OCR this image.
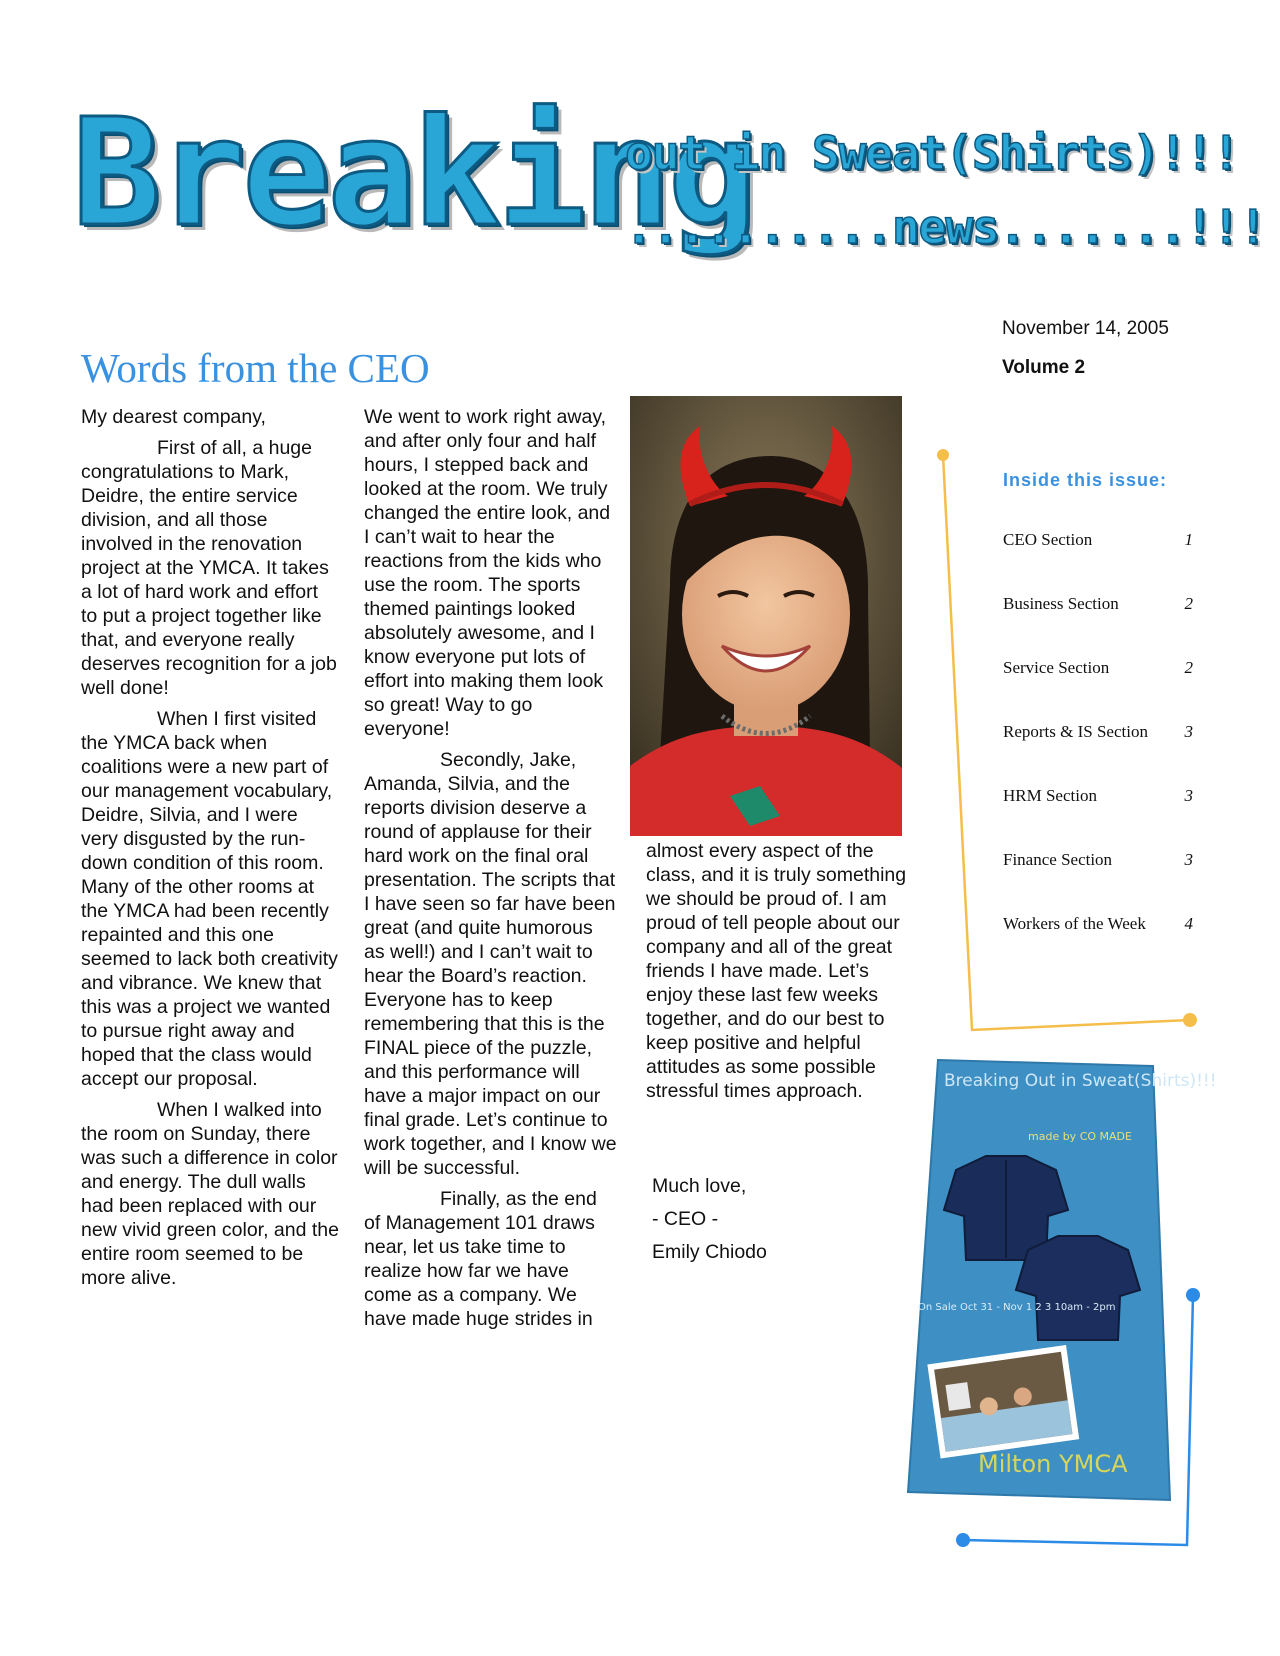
Breaking
out in Sweat(Shirts)!!!
..........news.......!!!
November 14, 2005
Volume 2
Words from the CEO

My dearest company,

First of all, a huge congratulations to Mark, Deidre, the entire service division, and all those involved in the renovation project at the YMCA. It takes a lot of hard work and effort to put a project together like that, and everyone really deserves recognition for a job well done!

When I first visited the YMCA back when coalitions were a new part of our management vocabulary, Deidre, Silvia, and I were very disgusted by the run-down condition of this room. Many of the other rooms at the YMCA had been recently repainted and this one seemed to lack both creativity and vibrance. We knew that this was a project we wanted to pursue right away and hoped that the class would accept our proposal.

When I walked into the room on Sunday, there was such a difference in color and energy. The dull walls had been replaced with our new vivid green color, and the entire room seemed to be more alive.

We went to work right away, and after only four and half hours, I stepped back and looked at the room. We truly changed the entire look, and I can’t wait to hear the reactions from the kids who use the room. The sports themed paintings looked absolutely awesome, and I know everyone put lots of effort into making them look so great! Way to go everyone!

Secondly, Jake, Amanda, Silvia, and the reports division deserve a round of applause for their hard work on the final oral presentation. The scripts that I have seen so far have been great (and quite humorous as well!) and I can’t wait to hear the Board’s reaction. Everyone has to keep remembering that this is the FINAL piece of the puzzle, and this performance will have a major impact on our final grade. Let’s continue to work together, and I know we will be successful.

Finally, as the end of Management 101 draws near, let us take time to realize how far we have come as a company. We have made huge strides in

almost every aspect of the class, and it is truly something we should be proud of. I am proud of tell people about our company and all of the great friends I have made. Let’s enjoy these last few weeks together, and do our best to keep positive and helpful attitudes as some possible stressful times approach.

Much love,
- CEO -
Emily Chiodo
Inside this issue:
CEO Section	1
Business Section	2
Service Section	2
Reports & IS Section 3
HRM Section	3
Finance Section	3
Workers of the Week 4
Breaking Out in Sweat(Shirts)!!!
made by CO MADE
On Sale Oct 31 - Nov 1 2 3 10am - 2pm
Milton YMCA
